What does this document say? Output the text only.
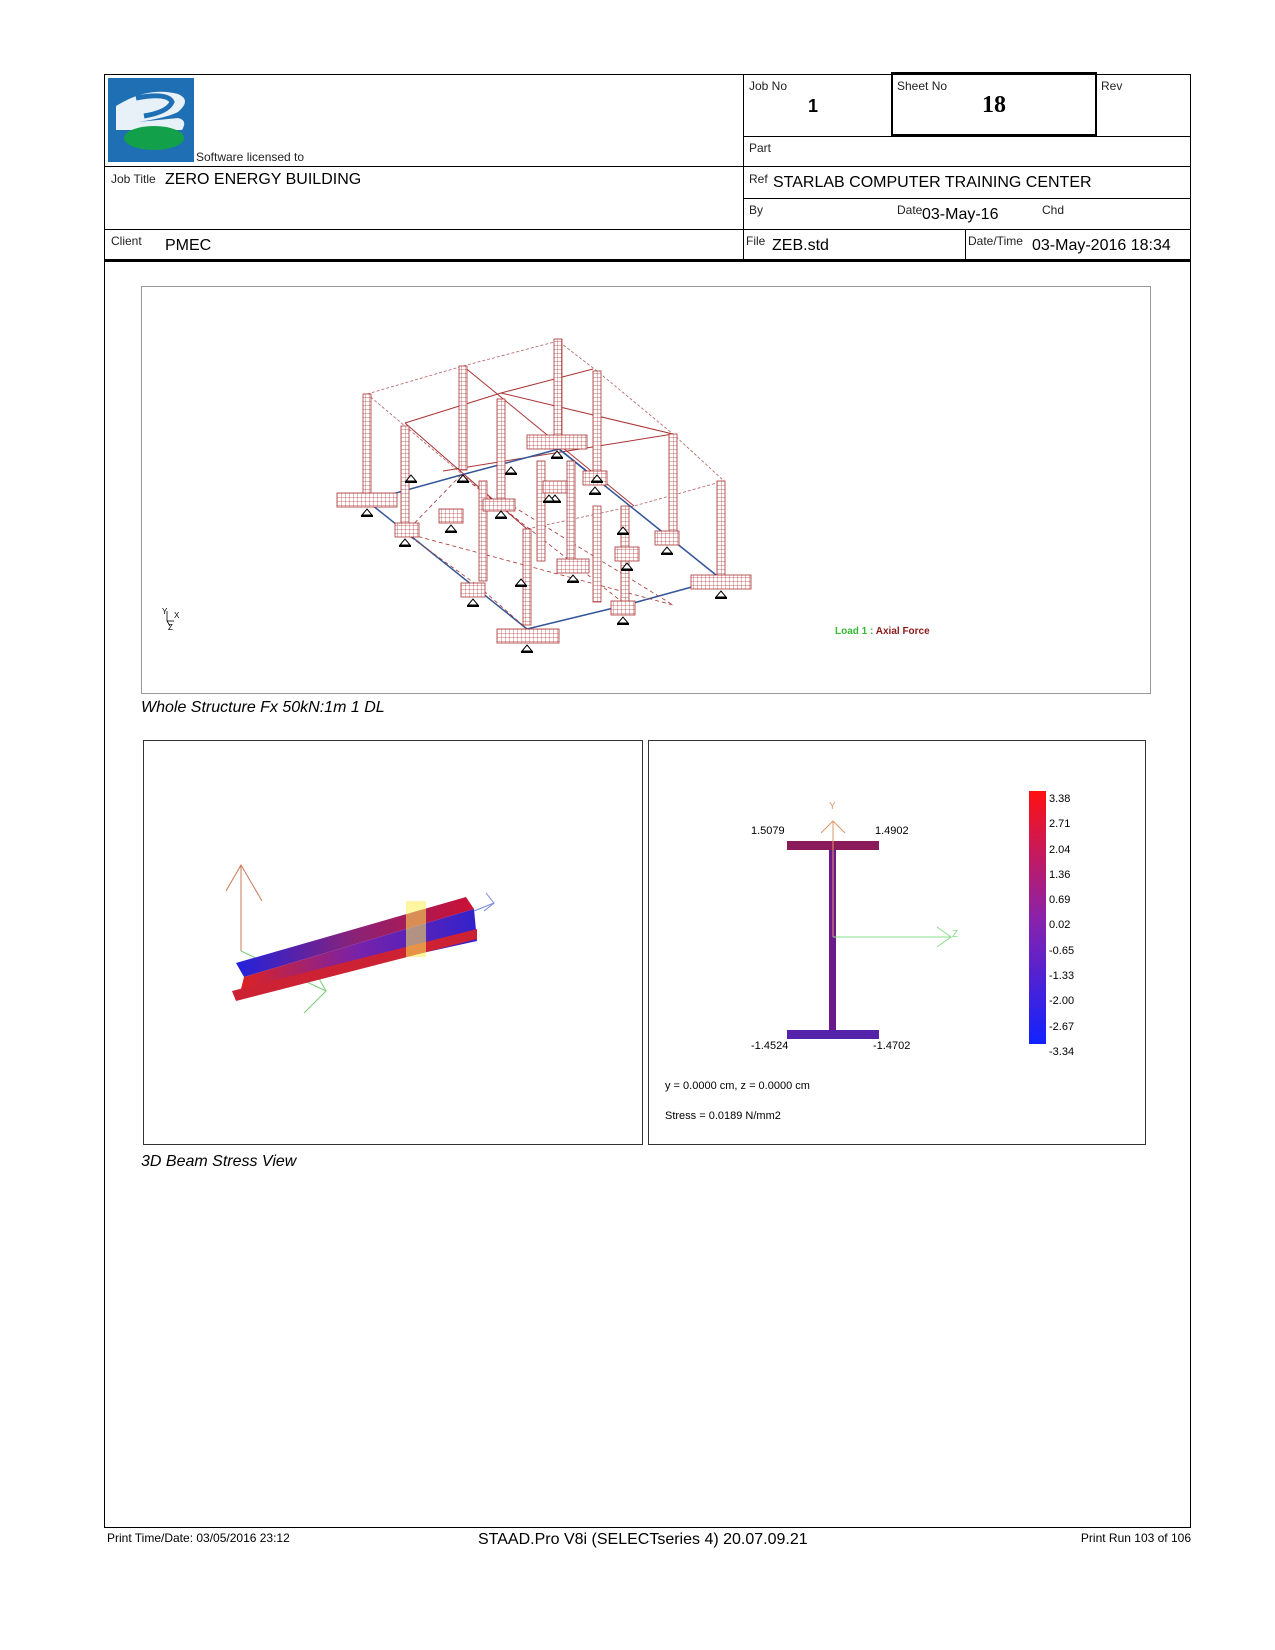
Software licensed to
Job No
1
Sheet No
18
Rev
Part
Job Title ZERO ENERGY BUILDING	Ref STARLAB COMPUTER TRAINING CENTER
By	Date 03-May-16	Chd
Client PMEC	File ZEB.std	Date/Time 03-May-2016 18:34
Y X
Z	Load 1 : Axial Force
Whole Structure Fx 50kN:1m 1 DL
3D Beam Stress View
Y
Z
1.5079	1.4902
-1.4524	-1.4702
y = 0.0000 cm, z = 0.0000 cm
Stress = 0.0189 N/mm2
3.38
2.71
2.04
1.36
0.69
0.02
-0.65
-1.33
-2.00
-2.67
-3.34
Print Time/Date: 03/05/2016 23:12	STAAD.Pro V8i (SELECTseries 4) 20.07.09.21	Print Run 103 of 106
